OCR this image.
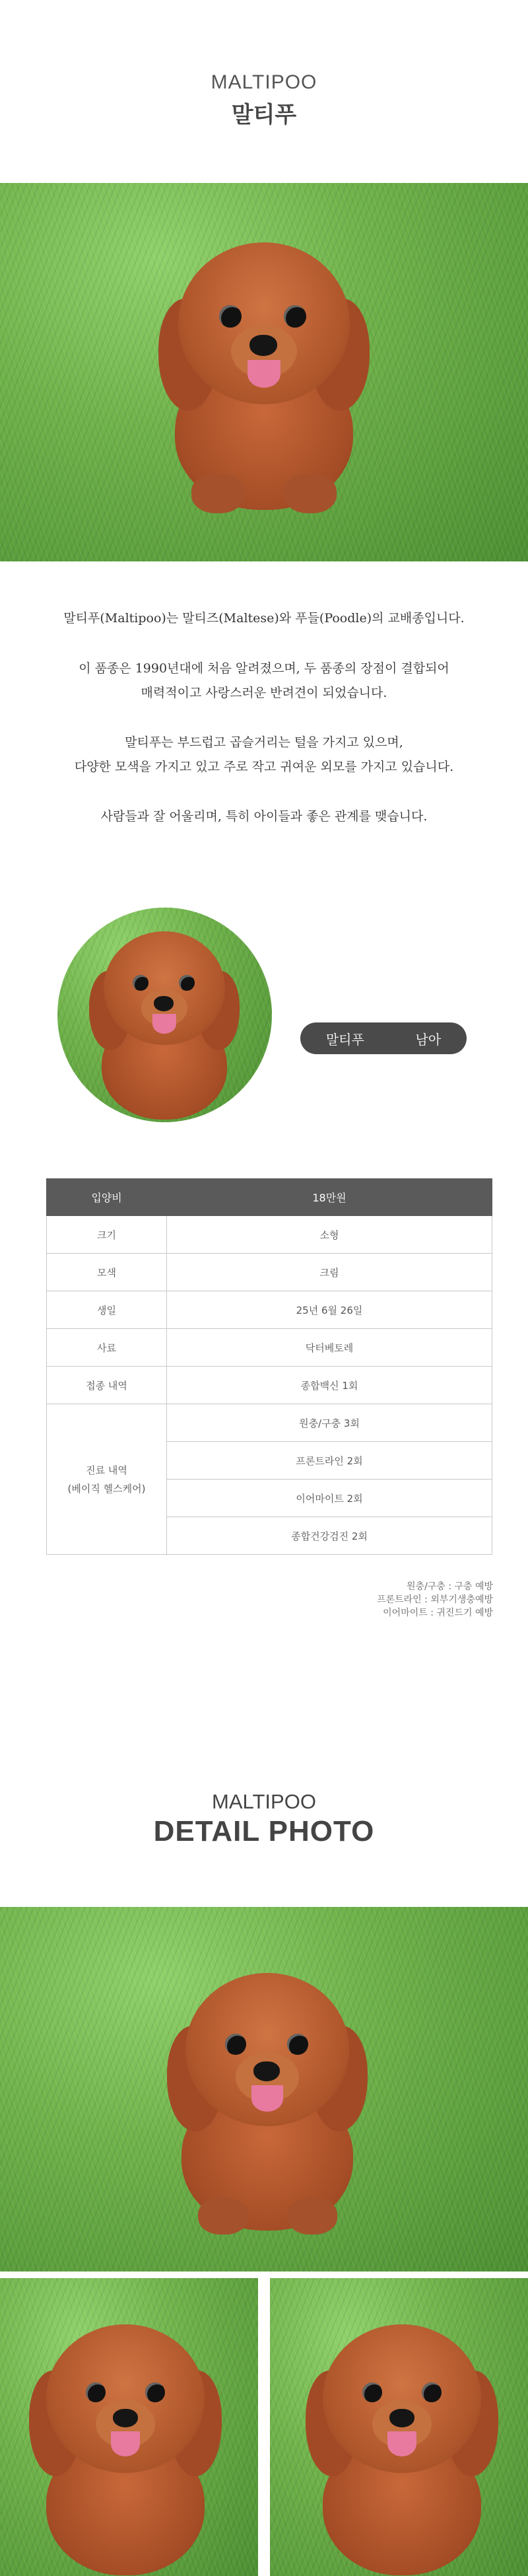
MALTIPOO
말티푸
말티푸(Maltipoo)는 말티즈(Maltese)와 푸들(Poodle)의 교배종입니다.
이 품종은 1990년대에 처음 알려졌으며, 두 품종의 장점이 결합되어
매력적이고 사랑스러운 반려견이 되었습니다.
말티푸는 부드럽고 곱슬거리는 털을 가지고 있으며,
다양한 모색을 가지고 있고 주로 작고 귀여운 외모를 가지고 있습니다.
사람들과 잘 어울리며, 특히 아이들과 좋은 관계를 맺습니다.
말티푸	남아
입양비	18만원
크기	소형
모색	크림
생일	25년 6월 26일
사료	닥터베토레
접종 내역	종합백신 1회

진료 내역
(베이직 헬스케어)	원충/구충 3회
	프론트라인 2회
	이어마이트 2회
	종합건강검진 2회
원충/구충 : 구충 예방
프론트라인 : 외부기생충예방
이어마이트 : 귀진드기 예방
MALTIPOO
DETAIL PHOTO
